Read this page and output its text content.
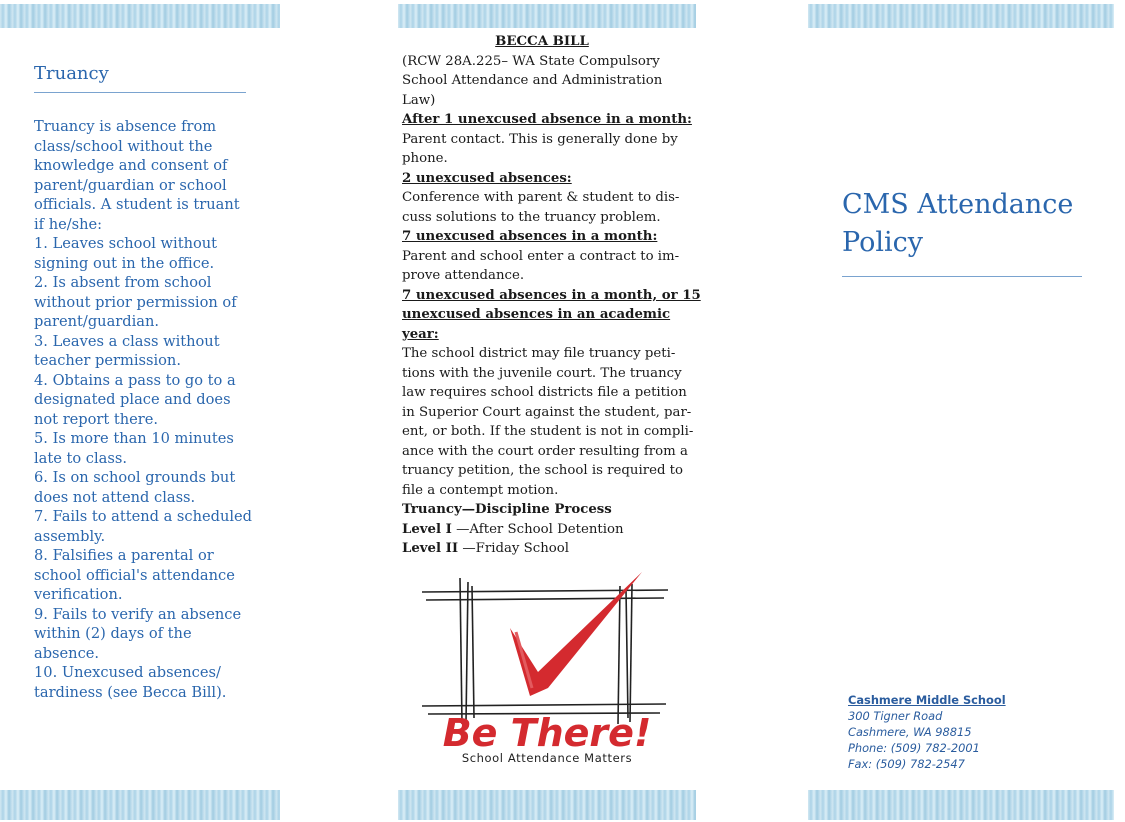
Truancy
Truancy is absence from
class/school without the
knowledge and consent of
parent/guardian or school
officials. A student is truant
if he/she:
1. Leaves school without
signing out in the office.
2. Is absent from school
without prior permission of
parent/guardian.
3. Leaves a class without
teacher permission.
4. Obtains a pass to go to a
designated place and does
not report there.
5. Is more than 10 minutes
late to class.
6. Is on school grounds but
does not attend class.
7. Fails to attend a scheduled
assembly.
8. Falsifies a parental or
school official's attendance
verification.
9. Fails to verify an absence
within (2) days of the
absence.
10. Unexcused absences/
tardiness (see Becca Bill).
BECCA BILL
(RCW 28A.225– WA State Compulsory
School Attendance and Administration
Law)
After 1 unexcused absence in a month:
Parent contact. This is generally done by
phone.
2 unexcused absences:
Conference with parent & student to dis-
cuss solutions to the truancy problem.
7 unexcused absences in a month:
Parent and school enter a contract to im-
prove attendance.
7 unexcused absences in a month, or 15
unexcused absences in an academic
year:
The school district may file truancy peti-
tions with the juvenile court. The truancy
law requires school districts file a petition
in Superior Court against the student, par-
ent, or both. If the student is not in compli-
ance with the court order resulting from a
truancy petition, the school is required to
file a contempt motion.
Truancy—Discipline Process
Level I —After School Detention
Level II —Friday School
Be There!
School Attendance Matters
CMS Attendance
Policy
Cashmere Middle School
300 Tigner Road
Cashmere, WA 98815
Phone: (509) 782-2001
Fax: (509) 782-2547
